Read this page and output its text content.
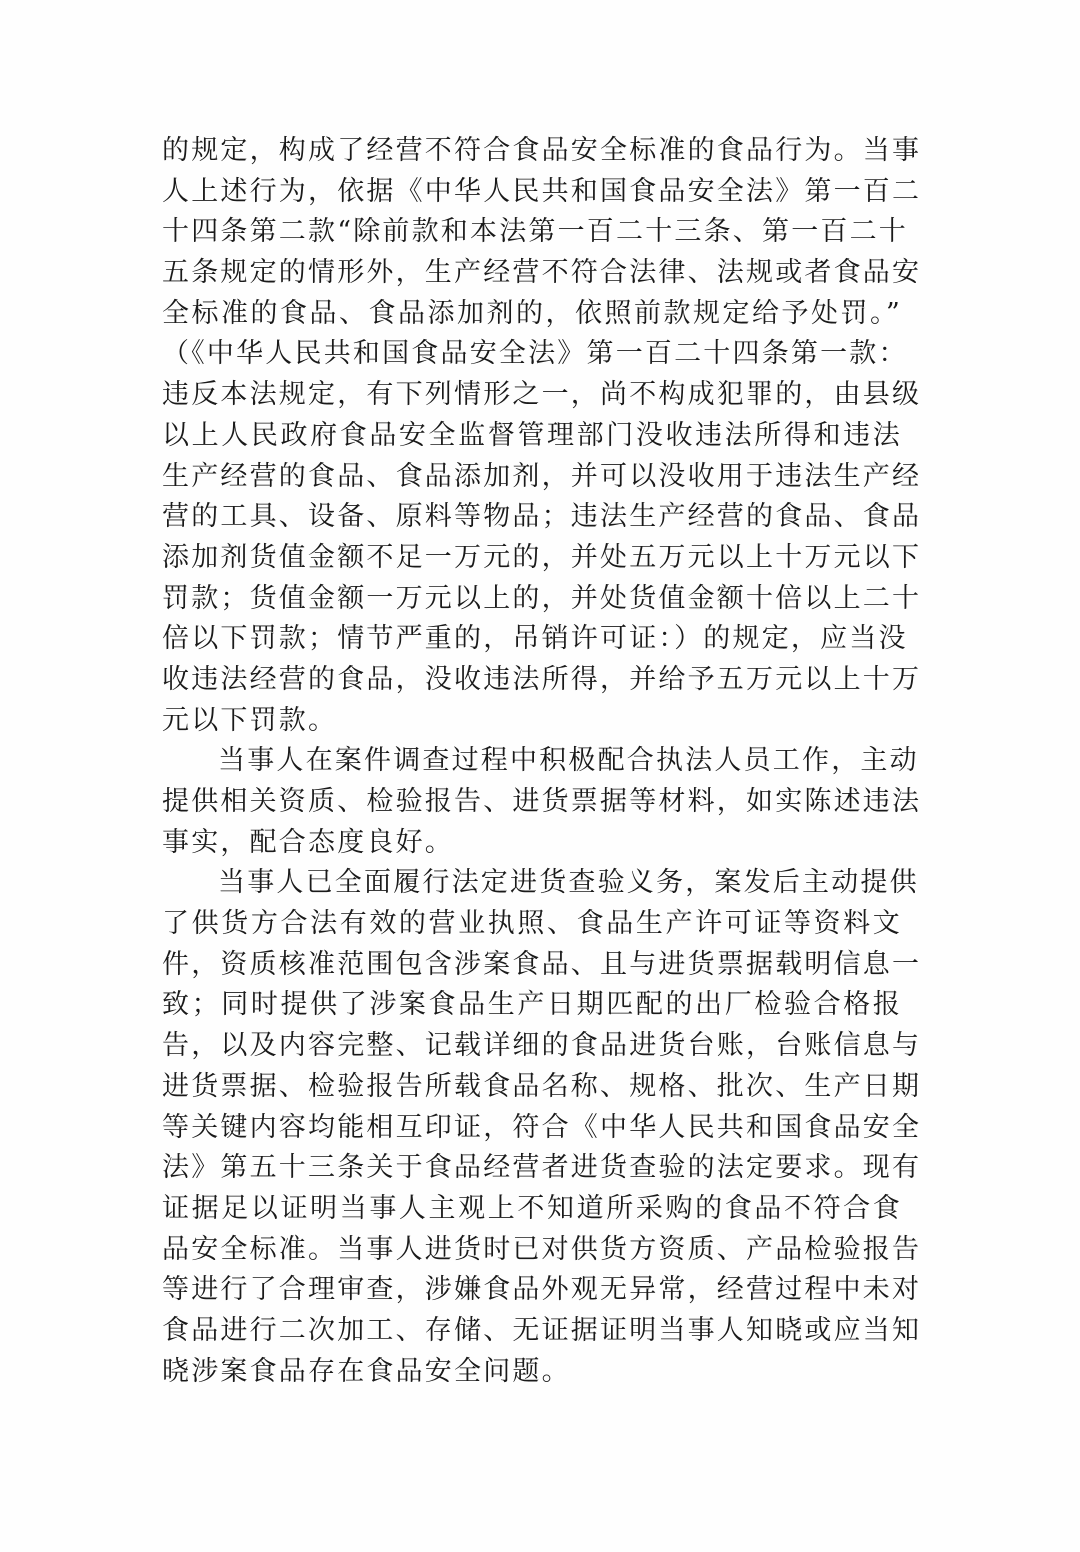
的规定，构成了经营不符合食品安全标准的食品行为。当事
人上述行为，依据《中华人民共和国食品安全法》第一百二
十四条第二款“除前款和本法第一百二十三条、第一百二十
五条规定的情形外，生产经营不符合法律、法规或者食品安
全标准的食品、食品添加剂的，依照前款规定给予处罚。”
（《中华人民共和国食品安全法》第一百二十四条第一款：
违反本法规定，有下列情形之一，尚不构成犯罪的，由县级
以上人民政府食品安全监督管理部门没收违法所得和违法
生产经营的食品、食品添加剂，并可以没收用于违法生产经
营的工具、设备、原料等物品；违法生产经营的食品、食品
添加剂货值金额不足一万元的，并处五万元以上十万元以下
罚款；货值金额一万元以上的，并处货值金额十倍以上二十
倍以下罚款；情节严重的，吊销许可证：）的规定，应当没
收违法经营的食品，没收违法所得，并给予五万元以上十万
元以下罚款。
当事人在案件调查过程中积极配合执法人员工作，主动
提供相关资质、检验报告、进货票据等材料，如实陈述违法
事实，配合态度良好。
当事人已全面履行法定进货查验义务，案发后主动提供
了供货方合法有效的营业执照、食品生产许可证等资料文
件，资质核准范围包含涉案食品、且与进货票据载明信息一
致；同时提供了涉案食品生产日期匹配的出厂检验合格报
告，以及内容完整、记载详细的食品进货台账，台账信息与
进货票据、检验报告所载食品名称、规格、批次、生产日期
等关键内容均能相互印证，符合《中华人民共和国食品安全
法》第五十三条关于食品经营者进货查验的法定要求。现有
证据足以证明当事人主观上不知道所采购的食品不符合食
品安全标准。当事人进货时已对供货方资质、产品检验报告
等进行了合理审查，涉嫌食品外观无异常，经营过程中未对
食品进行二次加工、存储、无证据证明当事人知晓或应当知
晓涉案食品存在食品安全问题。
